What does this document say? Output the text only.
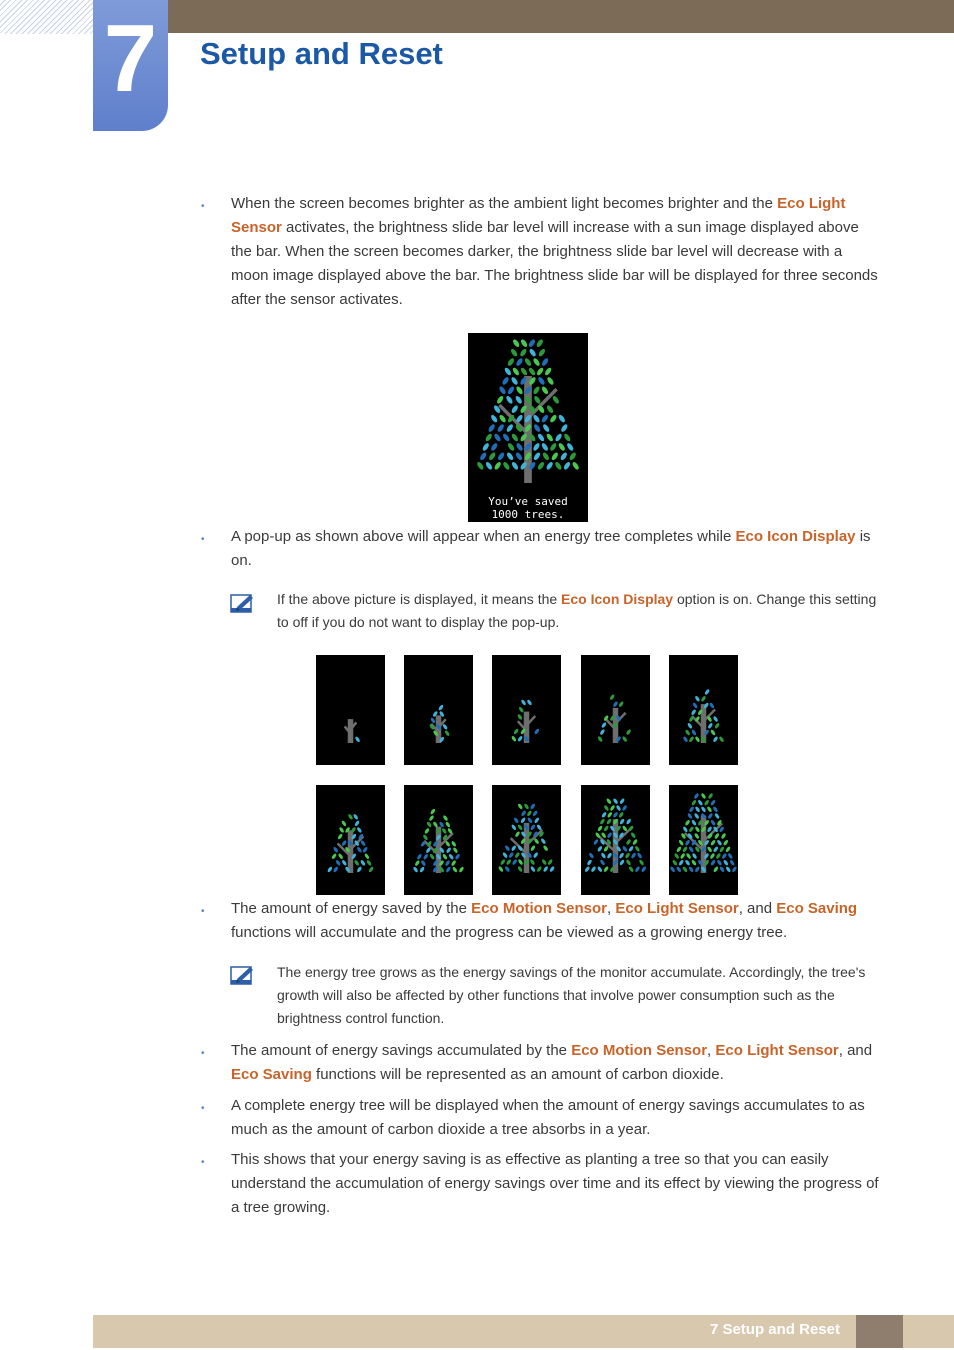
7	Setup and Reset
• When the screen becomes brighter as the ambient light becomes brighter and the Eco Light Sensor activates, the brightness slide bar level will increase with a sun image displayed above the bar. When the screen becomes darker, the brightness slide bar level will decrease with a moon image displayed above the bar. The brightness slide bar will be displayed for three seconds after the sensor activates.
You’ve saved
1000 trees.
• A pop-up as shown above will appear when an energy tree completes while Eco Icon Display is on.
If the above picture is displayed, it means the Eco Icon Display option is on. Change this setting to off if you do not want to display the pop-up.
• The amount of energy saved by the Eco Motion Sensor, Eco Light Sensor, and Eco Saving functions will accumulate and the progress can be viewed as a growing energy tree.
The energy tree grows as the energy savings of the monitor accumulate. Accordingly, the tree's growth will also be affected by other functions that involve power consumption such as the brightness control function.
• The amount of energy savings accumulated by the Eco Motion Sensor, Eco Light Sensor, and Eco Saving functions will be represented as an amount of carbon dioxide.
• A complete energy tree will be displayed when the amount of energy savings accumulates to as much as the amount of carbon dioxide a tree absorbs in a year.
• This shows that your energy saving is as effective as planting a tree so that you can easily understand the accumulation of energy savings over time and its effect by viewing the progress of a tree growing.
7 Setup and Reset
